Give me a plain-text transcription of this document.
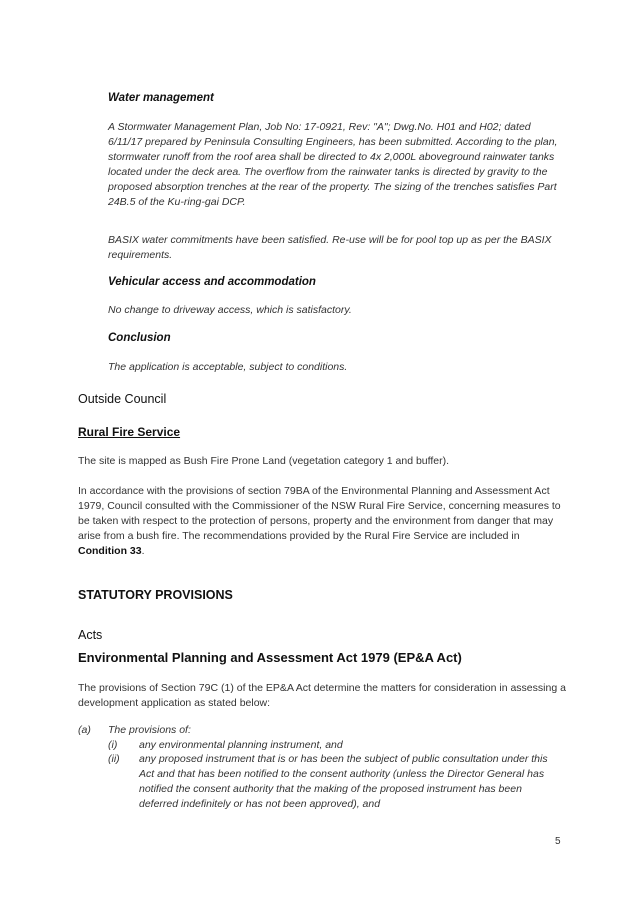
Water management
A Stormwater Management Plan, Job No: 17-0921, Rev: "A"; Dwg.No. H01 and H02; dated 6/11/17 prepared by Peninsula Consulting Engineers, has been submitted. According to the plan, stormwater runoff from the roof area shall be directed to 4x 2,000L aboveground rainwater tanks located under the deck area. The overflow from the rainwater tanks is directed by gravity to the proposed absorption trenches at the rear of the property. The sizing of the trenches satisfies Part 24B.5 of the Ku-ring-gai DCP.
BASIX water commitments have been satisfied. Re-use will be for pool top up as per the BASIX requirements.
Vehicular access and accommodation
No change to driveway access, which is satisfactory.
Conclusion
The application is acceptable, subject to conditions.
Outside Council
Rural Fire Service
The site is mapped as Bush Fire Prone Land (vegetation category 1 and buffer).
In accordance with the provisions of section 79BA of the Environmental Planning and Assessment Act 1979, Council consulted with the Commissioner of the NSW Rural Fire Service, concerning measures to be taken with respect to the protection of persons, property and the environment from danger that may arise from a bush fire. The recommendations provided by the Rural Fire Service are included in Condition 33.
STATUTORY PROVISIONS
Acts
Environmental Planning and Assessment Act 1979 (EP&A Act)
The provisions of Section 79C (1) of the EP&A Act determine the matters for consideration in assessing a development application as stated below:
(a) The provisions of:
(i) any environmental planning instrument, and
(ii) any proposed instrument that is or has been the subject of public consultation under this Act and that has been notified to the consent authority (unless the Director General has notified the consent authority that the making of the proposed instrument has been deferred indefinitely or has not been approved), and
5
